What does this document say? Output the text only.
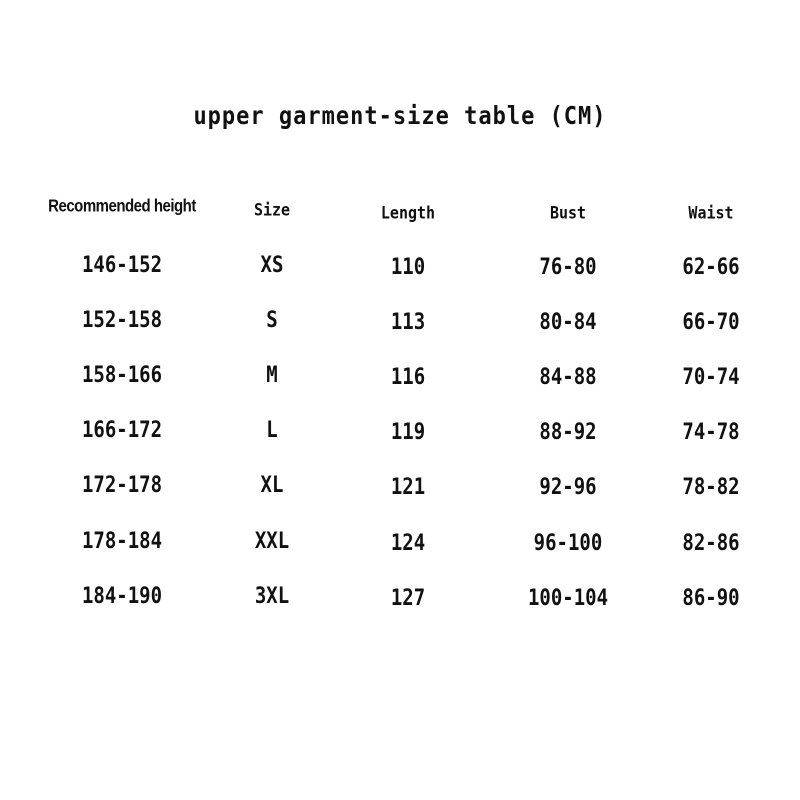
upper garment-size table (CM)
Recommended height	Size	Length	Bust	Waist
146-152	XS	110	76-80	62-66
152-158	S	113	80-84	66-70
158-166	M	116	84-88	70-74
166-172	L	119	88-92	74-78
172-178	XL	121	92-96	78-82
178-184	XXL	124	96-100	82-86
184-190	3XL	127	100-104	86-90
